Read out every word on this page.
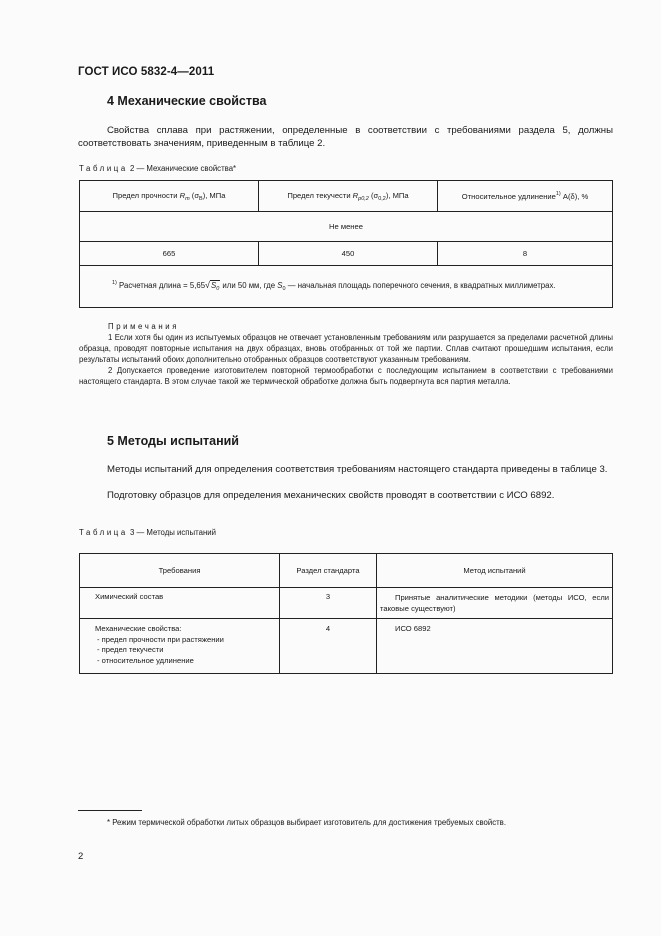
ГОСТ ИСО 5832-4—2011
4 Механические свойства
Свойства сплава при растяжении, определенные в соответствии с требованиями раздела 5, должны соответствовать значениям, приведенным в таблице 2.
Таблица 2 — Механические свойства*
Предел прочности $R_m$ $(\sigma_B)$, МПа	Предел текучести $R_{p0,2}$ $(\sigma_{0,2})$, МПа	Относительное удлинение$^{1)}$ A(δ), %
Не менее		
665	450	8
$^{1)}$ Расчетная длина = $5,65√S_0$ или 50 мм, где $S_0$ — начальная площадь поперечного сечения, в квадратных миллиметрах.		
Примечания
1 Если хотя бы один из испытуемых образцов не отвечает установленным требованиям или разрушается за пределами расчетной длины образца, проводят повторные испытания на двух образцах, вновь отобранных от той же партии. Сплав считают прошедшим испытания, если результаты испытаний обоих дополнительно отобранных образцов соответствуют указанным требованиям.
2 Допускается проведение изготовителем повторной термообработки с последующим испытанием в соответствии с требованиями настоящего стандарта. В этом случае такой же термической обработке должна быть подвергнута вся партия металла.
5 Методы испытаний
Методы испытаний для определения соответствия требованиям настоящего стандарта приведены в таблице 3.
Подготовку образцов для определения механических свойств проводят в соответствии с ИСО 6892.
Таблица 3 — Методы испытаний
Требования	Раздел стандарта	Метод испытаний
Химический состав	3	Принятые аналитические методики (методы ИСО, если таковые существуют)

Механические свойства:
- предел прочности при растяжении
- предел текучести
- относительное удлинение	4	ИСО 6892
* Режим термической обработки литых образцов выбирает изготовитель для достижения требуемых свойств.
2
